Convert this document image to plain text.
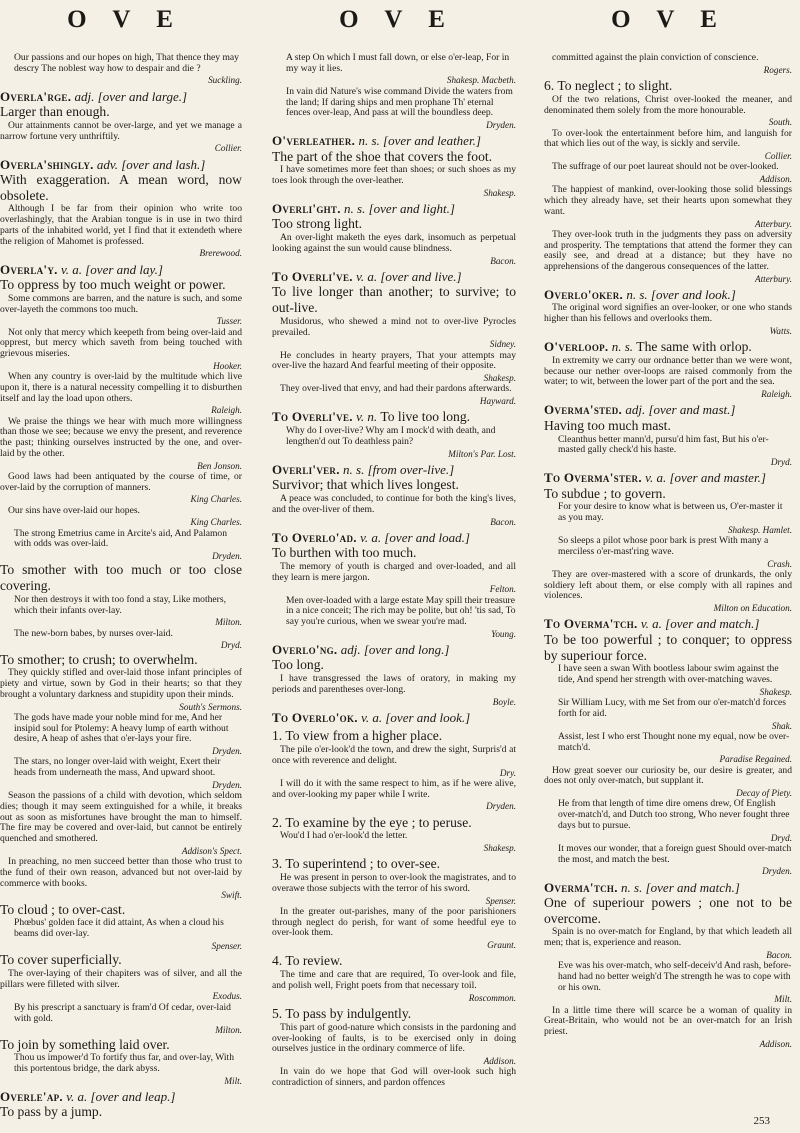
O V E	O V E	O V E
Our passions and our hopes on high, That thence they may descry The noblest way how to despair and die ?
Suckling.
Overla'rge. adj. [over and large.]
Larger than enough.
Our attainments cannot be over-large, and yet we manage a narrow fortune very unthriftily.
Collier.
Overla'shingly. adv. [over and lash.]
With exaggeration. A mean word, now obsolete.
Although I be far from their opinion who write too overlashingly, that the Arabian tongue is in use in two third parts of the inhabited world, yet I find that it extendeth where the religion of Mahomet is professed.
Brerewood.
Overla'y. v. a. [over and lay.]
To oppress by too much weight or power.
Some commons are barren, and the nature is such, and some over-layeth the commons too much.
Tusser.
Not only that mercy which keepeth from being over-laid and opprest, but mercy which saveth from being touched with grievous miseries.
Hooker.
When any country is over-laid by the multitude which live upon it, there is a natural necessity compelling it to disburthen itself and lay the load upon others.
Raleigh.
We praise the things we hear with much more willingness than those we see; because we envy the present, and reverence the past; thinking ourselves instructed by the one, and over-laid by the other.
Ben Jonson.
Good laws had been antiquated by the course of time, or over-laid by the corruption of manners.
King Charles.
Our sins have over-laid our hopes.
King Charles.
The strong Emetrius came in Arcite's aid, And Palamon with odds was over-laid.
Dryden.
To smother with too much or too close covering.
Nor then destroys it with too fond a stay, Like mothers, which their infants over-lay.
Milton.
The new-born babes, by nurses over-laid.
Dryd.
To smother; to crush; to overwhelm.
They quickly stifled and over-laid those infant principles of piety and virtue, sown by God in their hearts; so that they brought a voluntary darkness and stupidity upon their minds.
South's Sermons.
The gods have made your noble mind for me, And her insipid soul for Ptolemy: A heavy lump of earth without desire, A heap of ashes that o'er-lays your fire.
Dryden.
The stars, no longer over-laid with weight, Exert their heads from underneath the mass, And upward shoot.
Dryden.
Season the passions of a child with devotion, which seldom dies; though it may seem extinguished for a while, it breaks out as soon as misfortunes have brought the man to himself. The fire may be covered and over-laid, but cannot be entirely quenched and smothered.
Addison's Spect.
In preaching, no men succeed better than those who trust to the fund of their own reason, advanced but not over-laid by commerce with books.
Swift.
To cloud ; to over-cast.
Phœbus' golden face it did attaint, As when a cloud his beams did over-lay.
Spenser.
To cover superficially.
The over-laying of their chapiters was of silver, and all the pillars were filleted with silver.
Exodus.
By his prescript a sanctuary is fram'd Of cedar, over-laid with gold.
Milton.
To join by something laid over.
Thou us impower'd To fortify thus far, and over-lay, With this portentous bridge, the dark abyss.
Milt.
Overle'ap. v. a. [over and leap.]
To pass by a jump.
A step On which I must fall down, or else o'er-leap, For in my way it lies.
Shakesp. Macbeth.
In vain did Nature's wise command Divide the waters from the land; If daring ships and men prophane Th' eternal fences over-leap, And pass at will the boundless deep.
Dryden.
O'verleather. n. s. [over and leather.]
The part of the shoe that covers the foot.
I have sometimes more feet than shoes; or such shoes as my toes look through the over-leather.
Shakesp.
Overli'ght. n. s. [over and light.]
Too strong light.
An over-light maketh the eyes dark, insomuch as perpetual looking against the sun would cause blindness.
Bacon.
To Overli've. v. a. [over and live.]
To live longer than another; to survive; to out-live.
Musidorus, who shewed a mind not to over-live Pyrocles prevailed.
Sidney.
He concludes in hearty prayers, That your attempts may over-live the hazard And fearful meeting of their opposite.
Shakesp.
They over-lived that envy, and had their pardons afterwards.
Hayward.
To Overli've. v. n. To live too long.
Why do I over-live? Why am I mock'd with death, and lengthen'd out To deathless pain?
Milton's Par. Lost.
Overli'ver. n. s. [from over-live.]
Survivor; that which lives longest.
A peace was concluded, to continue for both the king's lives, and the over-liver of them.
Bacon.
To Overlo'ad. v. a. [over and load.]
To burthen with too much.
The memory of youth is charged and over-loaded, and all they learn is mere jargon.
Felton.
Men over-loaded with a large estate May spill their treasure in a nice conceit; The rich may be polite, but oh! 'tis sad, To say you're curious, when we swear you're mad.
Young.
Overlo'ng. adj. [over and long.]
Too long.
I have transgressed the laws of oratory, in making my periods and parentheses over-long.
Boyle.
To Overlo'ok. v. a. [over and look.]
1. To view from a higher place.
The pile o'er-look'd the town, and drew the sight, Surpris'd at once with reverence and delight.
Dry.
I will do it with the same respect to him, as if he were alive, and over-looking my paper while I write.
Dryden.
2. To examine by the eye ; to peruse.
Wou'd I had o'er-look'd the letter.
Shakesp.
3. To superintend ; to over-see.
He was present in person to over-look the magistrates, and to overawe those subjects with the terror of his sword.
Spenser.
In the greater out-parishes, many of the poor parishioners through neglect do perish, for want of some heedful eye to over-look them.
Graunt.
4. To review.
The time and care that are required, To over-look and file, and polish well, Fright poets from that necessary toil.
Roscommon.
5. To pass by indulgently.
This part of good-nature which consists in the pardoning and over-looking of faults, is to be exercised only in doing ourselves justice in the ordinary commerce of life.
Addison.
In vain do we hope that God will over-look such high contradiction of sinners, and pardon offences
committed against the plain conviction of conscience.
Rogers.
6. To neglect ; to slight.
Of the two relations, Christ over-looked the meaner, and denominated them solely from the more honourable.
South.
To over-look the entertainment before him, and languish for that which lies out of the way, is sickly and servile.
Collier.
The suffrage of our poet laureat should not be over-looked.
Addison.
The happiest of mankind, over-looking those solid blessings which they already have, set their hearts upon somewhat they want.
Atterbury.
They over-look truth in the judgments they pass on adversity and prosperity. The temptations that attend the former they can easily see, and dread at a distance; but they have no apprehensions of the dangerous consequences of the latter.
Atterbury.
Overlo'oker. n. s. [over and look.]
The original word signifies an over-looker, or one who stands higher than his fellows and overlooks them.
Watts.
O'verloop. n. s. The same with orlop.
In extremity we carry our ordnance better than we were wont, because our nether over-loops are raised commonly from the water; to wit, between the lower part of the port and the sea.
Raleigh.
Overma'sted. adj. [over and mast.]
Having too much mast.
Cleanthus better mann'd, pursu'd him fast, But his o'er-masted gally check'd his haste.
Dryd.
To Overma'ster. v. a. [over and master.]
To subdue ; to govern.
For your desire to know what is between us, O'er-master it as you may.
Shakesp. Hamlet.
So sleeps a pilot whose poor bark is prest With many a merciless o'er-mast'ring wave.
Crash.
They are over-mastered with a score of drunkards, the only soldiery left about them, or else comply with all rapines and violences.
Milton on Education.
To Overma'tch. v. a. [over and match.]
To be too powerful ; to conquer; to oppress by superiour force.
I have seen a swan With bootless labour swim against the tide, And spend her strength with over-matching waves.
Shakesp.
Sir William Lucy, with me Set from our o'er-match'd forces forth for aid.
Shak.
Assist, lest I who erst Thought none my equal, now be over-match'd.
Paradise Regained.
How great soever our curiosity be, our desire is greater, and does not only over-match, but supplant it.
Decay of Piety.
He from that length of time dire omens drew, Of English over-match'd, and Dutch too strong, Who never fought three days but to pursue.
Dryd.
It moves our wonder, that a foreign guest Should over-match the most, and match the best.
Dryden.
Overma'tch. n. s. [over and match.]
One of superiour powers ; one not to be overcome.
Spain is no over-match for England, by that which leadeth all men; that is, experience and reason.
Bacon.
Eve was his over-match, who self-deceiv'd And rash, before-hand had no better weigh'd The strength he was to cope with or his own.
Milt.
In a little time there will scarce be a woman of quality in Great-Britain, who would not be an over-match for an Irish priest.
Addison.
253
